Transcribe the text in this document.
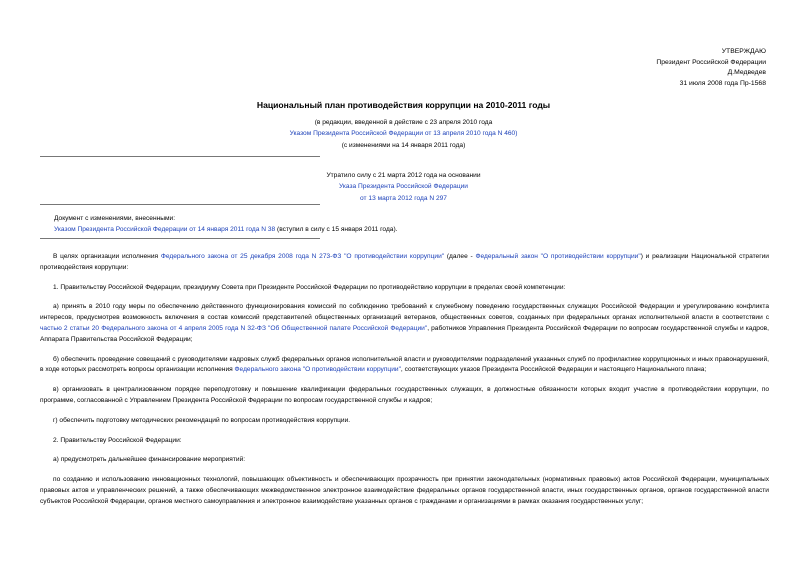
УТВЕРЖДАЮ
Президент Российской Федерации
Д.Медведев
31 июля 2008 года Пр-1568
Национальный план противодействия коррупции на 2010-2011 годы
(в редакции, введенной в действие с 23 апреля 2010 года
Указом Президента Российской Федерации от 13 апреля 2010 года N 460)
(с изменениями на 14 января 2011 года)
Утратило силу с 21 марта 2012 года на основании
Указа Президента Российской Федерации
от 13 марта 2012 года N 297
Документ с изменениями, внесенными:
Указом Президента Российской Федерации от 14 января 2011 года N 38 (вступил в силу с 15 января 2011 года).

В целях организации исполнения Федерального закона от 25 декабря 2008 года N 273-ФЗ "О противодействии коррупции" (далее - Федеральный закон "О противодействии коррупции") и реализации Национальной стратегии противодействия коррупции:

1. Правительству Российской Федерации, президиуму Совета при Президенте Российской Федерации по противодействию коррупции в пределах своей компетенции:

а) принять в 2010 году меры по обеспечению действенного функционирования комиссий по соблюдению требований к служебному поведению государственных служащих Российской Федерации и урегулированию конфликта интересов, предусмотрев возможность включения в состав комиссий представителей общественных организаций ветеранов, общественных советов, созданных при федеральных органах исполнительной власти в соответствии с частью 2 статьи 20 Федерального закона от 4 апреля 2005 года N 32-ФЗ "Об Общественной палате Российской Федерации", работников Управления Президента Российской Федерации по вопросам государственной службы и кадров, Аппарата Правительства Российской Федерации;

б) обеспечить проведение совещаний с руководителями кадровых служб федеральных органов исполнительной власти и руководителями подразделений указанных служб по профилактике коррупционных и иных правонарушений, в ходе которых рассмотреть вопросы организации исполнения Федерального закона "О противодействии коррупции", соответствующих указов Президента Российской Федерации и настоящего Национального плана;

в) организовать в централизованном порядке переподготовку и повышение квалификации федеральных государственных служащих, в должностные обязанности которых входит участие в противодействии коррупции, по программе, согласованной с Управлением Президента Российской Федерации по вопросам государственной службы и кадров;

г) обеспечить подготовку методических рекомендаций по вопросам противодействия коррупции.

2. Правительству Российской Федерации:

а) предусмотреть дальнейшее финансирование мероприятий:

по созданию и использованию инновационных технологий, повышающих объективность и обеспечивающих прозрачность при принятии законодательных (нормативных правовых) актов Российской Федерации, муниципальных правовых актов и управленческих решений, а также обеспечивающих межведомственное электронное взаимодействие федеральных органов государственной власти, иных государственных органов, органов государственной власти субъектов Российской Федерации, органов местного самоуправления и электронное взаимодействие указанных органов с гражданами и организациями в рамках оказания государственных услуг;
